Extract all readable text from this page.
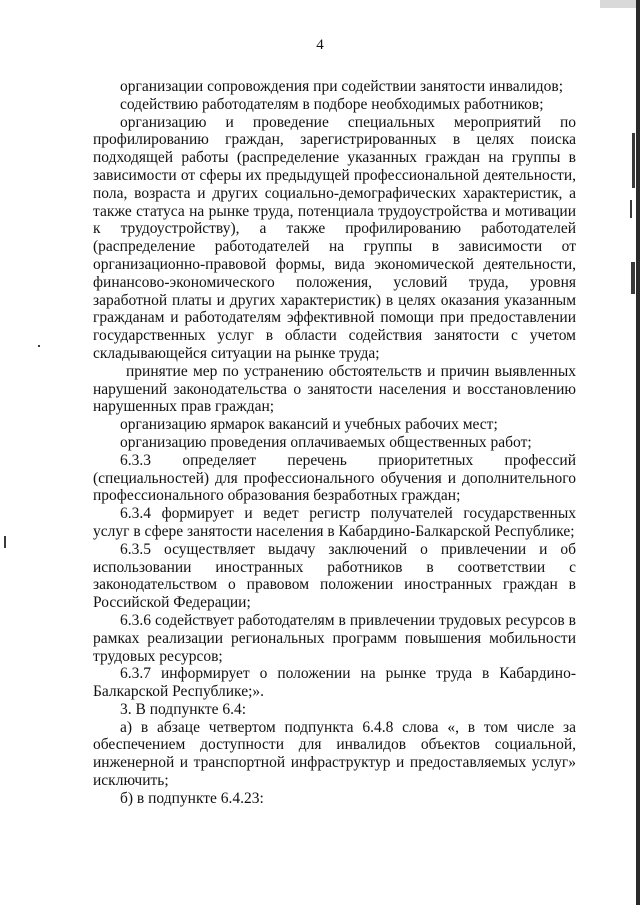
4

организации сопровождения при содействии занятости инвалидов;

содействию работодателям в подборе необходимых работников;

организацию и проведение специальных мероприятий по профилированию граждан, зарегистрированных в целях поиска подходящей работы (распределение указанных граждан на группы в зависимости от сферы их предыдущей профессиональной деятельности, пола, возраста и других социально-демографических характеристик, а также статуса на рынке труда, потенциала трудоустройства и мотивации к трудоустройству), а также профилированию работодателей (распределение работодателей на группы в зависимости от организационно-правовой формы, вида экономической деятельности, финансово-экономического положения, условий труда, уровня заработной платы и других характеристик) в целях оказания указанным гражданам и работодателям эффективной помощи при предоставлении государственных услуг в области содействия занятости с учетом складывающейся ситуации на рынке труда;

принятие мер по устранению обстоятельств и причин выявленных нарушений законодательства о занятости населения и восстановлению нарушенных прав граждан;

организацию ярмарок вакансий и учебных рабочих мест;

организацию проведения оплачиваемых общественных работ;

6.3.3 определяет перечень приоритетных профессий (специальностей) для профессионального обучения и дополнительного профессионального образования безработных граждан;

6.3.4 формирует и ведет регистр получателей государственных услуг в сфере занятости населения в Кабардино-Балкарской Республике;

6.3.5 осуществляет выдачу заключений о привлечении и об использовании иностранных работников в соответствии с законодательством о правовом положении иностранных граждан в Российской Федерации;

6.3.6 содействует работодателям в привлечении трудовых ресурсов в рамках реализации региональных программ повышения мобильности трудовых ресурсов;

6.3.7 информирует о положении на рынке труда в Кабардино-Балкарской Республике;».

3. В подпункте 6.4:

а) в абзаце четвертом подпункта 6.4.8 слова «, в том числе за обеспечением доступности для инвалидов объектов социальной, инженерной и транспортной инфраструктур и предоставляемых услуг» исключить;

б) в подпункте 6.4.23:
